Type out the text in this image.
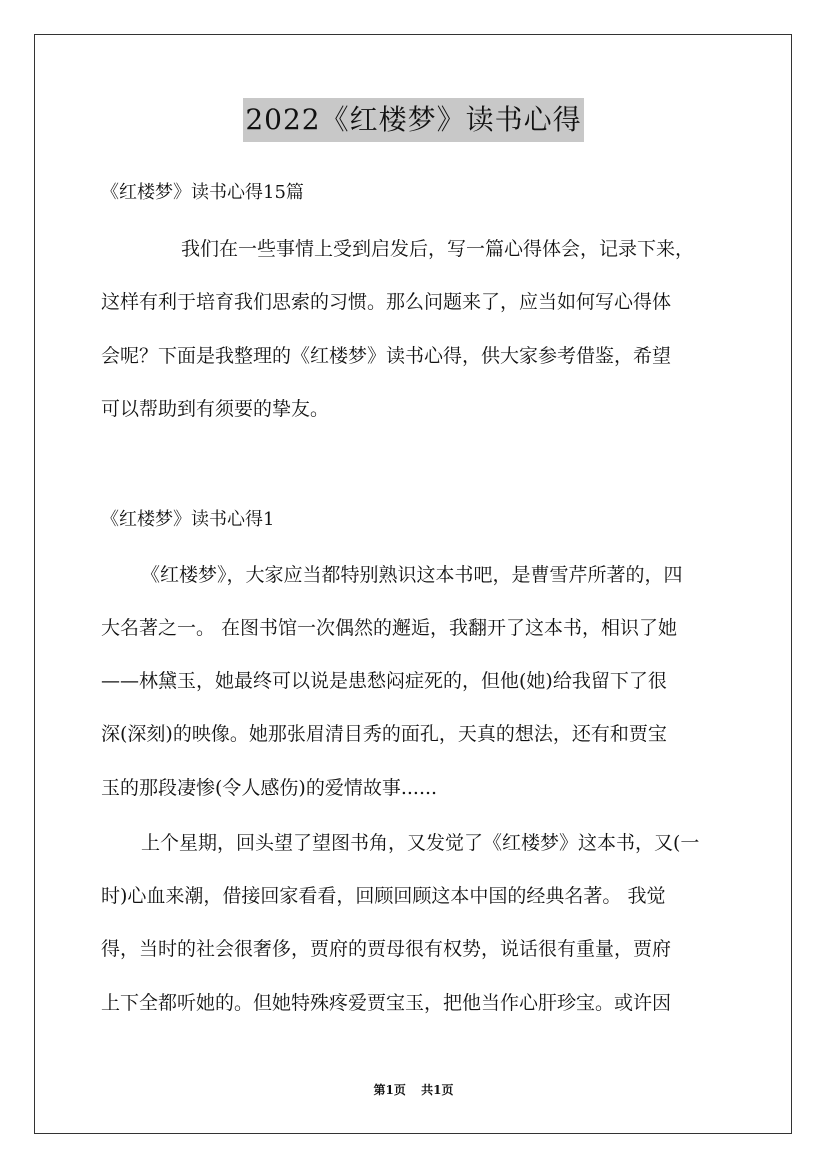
2022《红楼梦》读书心得
《红楼梦》读书心得15篇
我们在一些事情上受到启发后，写一篇心得体会，记录下来，
这样有利于培育我们思索的习惯。那么问题来了，应当如何写心得体
会呢？下面是我整理的《红楼梦》读书心得，供大家参考借鉴，希望
可以帮助到有须要的挚友。
《红楼梦》读书心得1
《红楼梦》，大家应当都特别熟识这本书吧，是曹雪芹所著的，四
大名著之一。 在图书馆一次偶然的邂逅，我翻开了这本书，相识了她
——林黛玉，她最终可以说是患愁闷症死的，但他(她)给我留下了很
深(深刻)的映像。她那张眉清目秀的面孔，天真的想法，还有和贾宝
玉的那段凄惨(令人感伤)的爱情故事......
上个星期，回头望了望图书角，又发觉了《红楼梦》这本书，又(一
时)心血来潮，借接回家看看，回顾回顾这本中国的经典名著。 我觉
得，当时的社会很奢侈，贾府的贾母很有权势，说话很有重量，贾府
上下全都听她的。但她特殊疼爱贾宝玉，把他当作心肝珍宝。或许因
第1页 共1页
